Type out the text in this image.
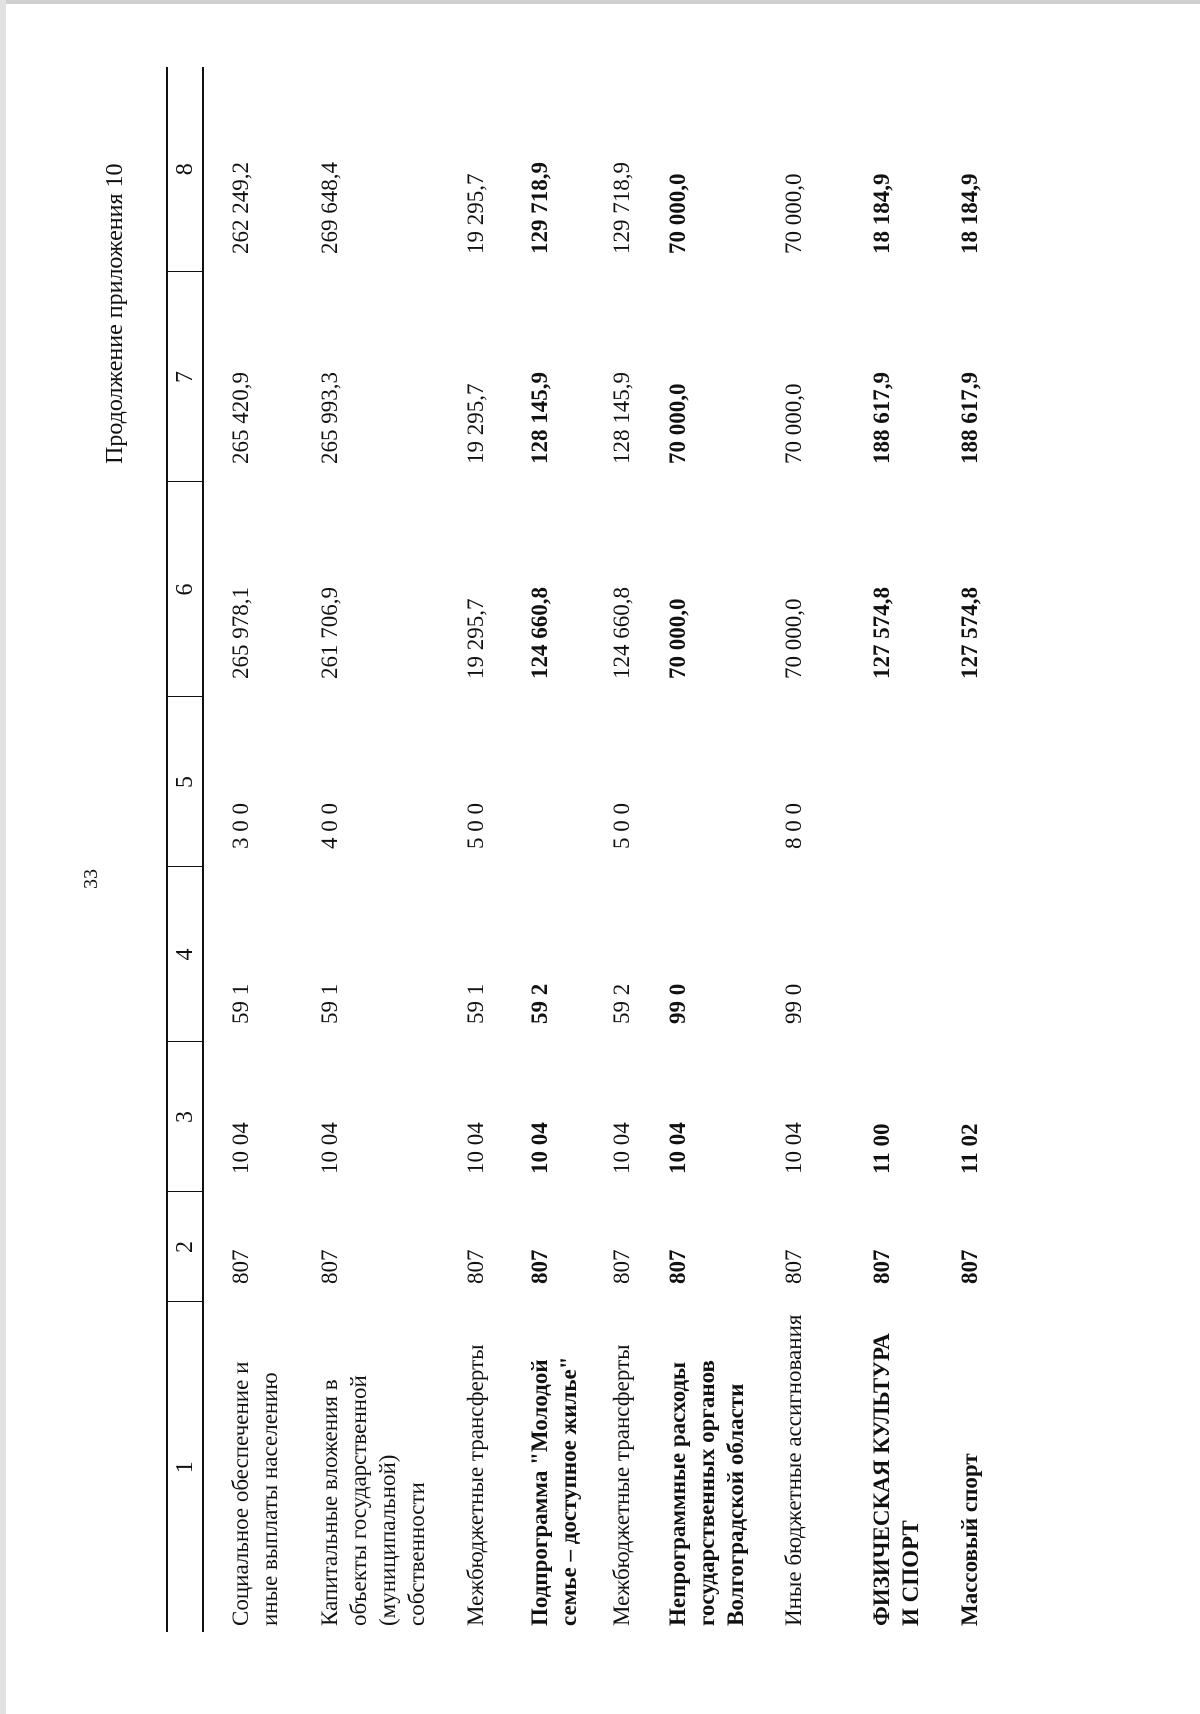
33
Продолжение приложения 10
1	2	3	4	5	6	7	8
Социальное обеспечение и иные выплаты населению	807	10 04	59 1	3 0 0	265 978,1	265 420,9	262 249,2
Капитальные вложения в объекты государственной (муниципальной) собственности	807	10 04	59 1	4 0 0	261 706,9	265 993,3	269 648,4
Межбюджетные трансферты	807	10 04	59 1	5 0 0	19 295,7	19 295,7	19 295,7
Подпрограмма "Молодой семье – доступное жилье"	807	10 04	59 2		124 660,8	128 145,9	129 718,9
Межбюджетные трансферты	807	10 04	59 2	5 0 0	124 660,8	128 145,9	129 718,9
Непрограммные расходы государственных органов Волгоградской области	807	10 04	99 0		70 000,0	70 000,0	70 000,0
Иные бюджетные ассигнования	807	10 04	99 0	8 0 0	70 000,0	70 000,0	70 000,0
ФИЗИЧЕСКАЯ КУЛЬТУРА И СПОРТ	807	11 00			127 574,8	188 617,9	18 184,9
Массовый спорт	807	11 02			127 574,8	188 617,9	18 184,9
